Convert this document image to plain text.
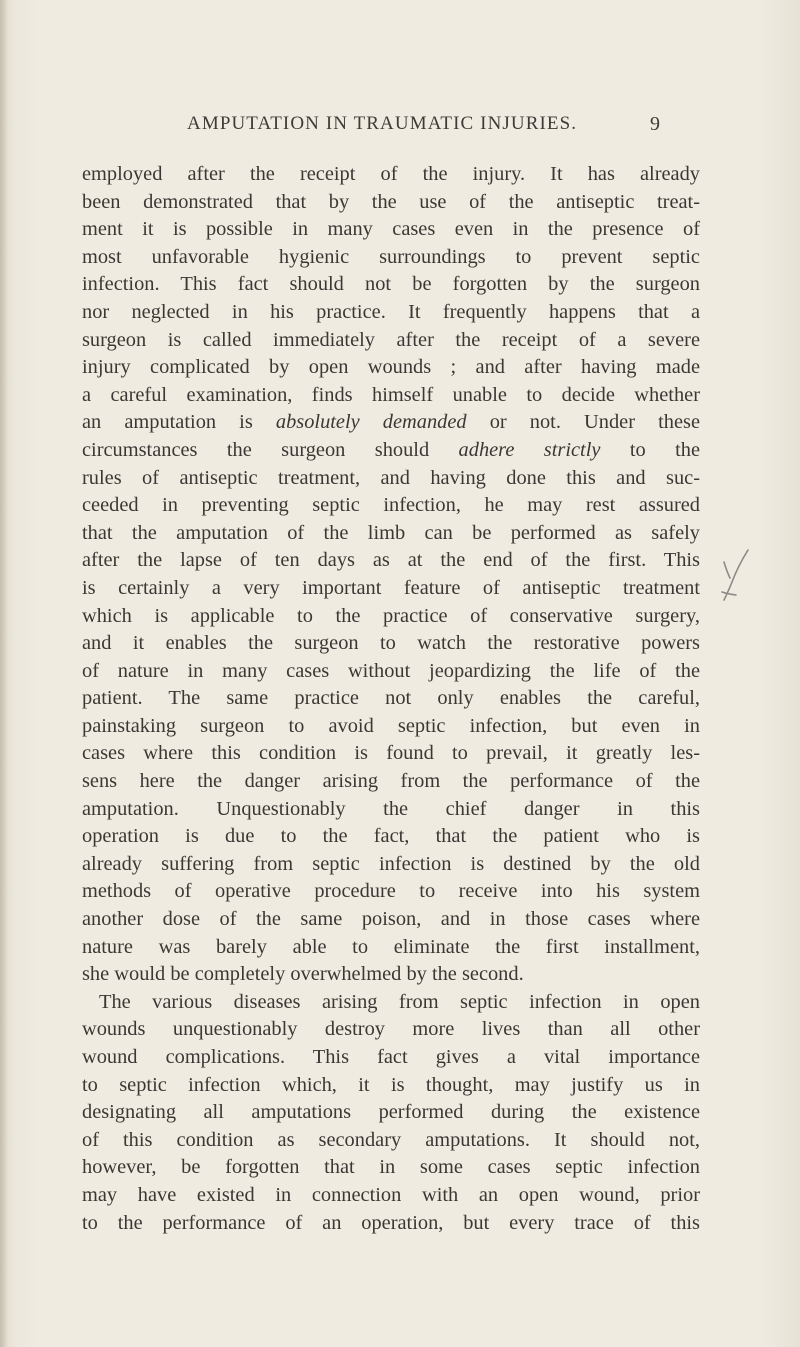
AMPUTATION IN TRAUMATIC INJURIES.	9
employed after the receipt of the injury. It has already
been demonstrated that by the use of the antiseptic treat-
ment it is possible in many cases even in the presence of
most unfavorable hygienic surroundings to prevent septic
infection. This fact should not be forgotten by the surgeon
nor neglected in his practice. It frequently happens that a
surgeon is called immediately after the receipt of a severe
injury complicated by open wounds ; and after having made
a careful examination, finds himself unable to decide whether
an amputation is absolutely demanded or not. Under these
circumstances the surgeon should adhere strictly to the
rules of antiseptic treatment, and having done this and suc-
ceeded in preventing septic infection, he may rest assured
that the amputation of the limb can be performed as safely
after the lapse of ten days as at the end of the first. This
is certainly a very important feature of antiseptic treatment
which is applicable to the practice of conservative surgery,
and it enables the surgeon to watch the restorative powers
of nature in many cases without jeopardizing the life of the
patient. The same practice not only enables the careful,
painstaking surgeon to avoid septic infection, but even in
cases where this condition is found to prevail, it greatly les-
sens here the danger arising from the performance of the
amputation. Unquestionably the chief danger in this
operation is due to the fact, that the patient who is
already suffering from septic infection is destined by the old
methods of operative procedure to receive into his system
another dose of the same poison, and in those cases where
nature was barely able to eliminate the first installment,
she would be completely overwhelmed by the second.
The various diseases arising from septic infection in open
wounds unquestionably destroy more lives than all other
wound complications. This fact gives a vital importance
to septic infection which, it is thought, may justify us in
designating all amputations performed during the existence
of this condition as secondary amputations. It should not,
however, be forgotten that in some cases septic infection
may have existed in connection with an open wound, prior
to the performance of an operation, but every trace of this
